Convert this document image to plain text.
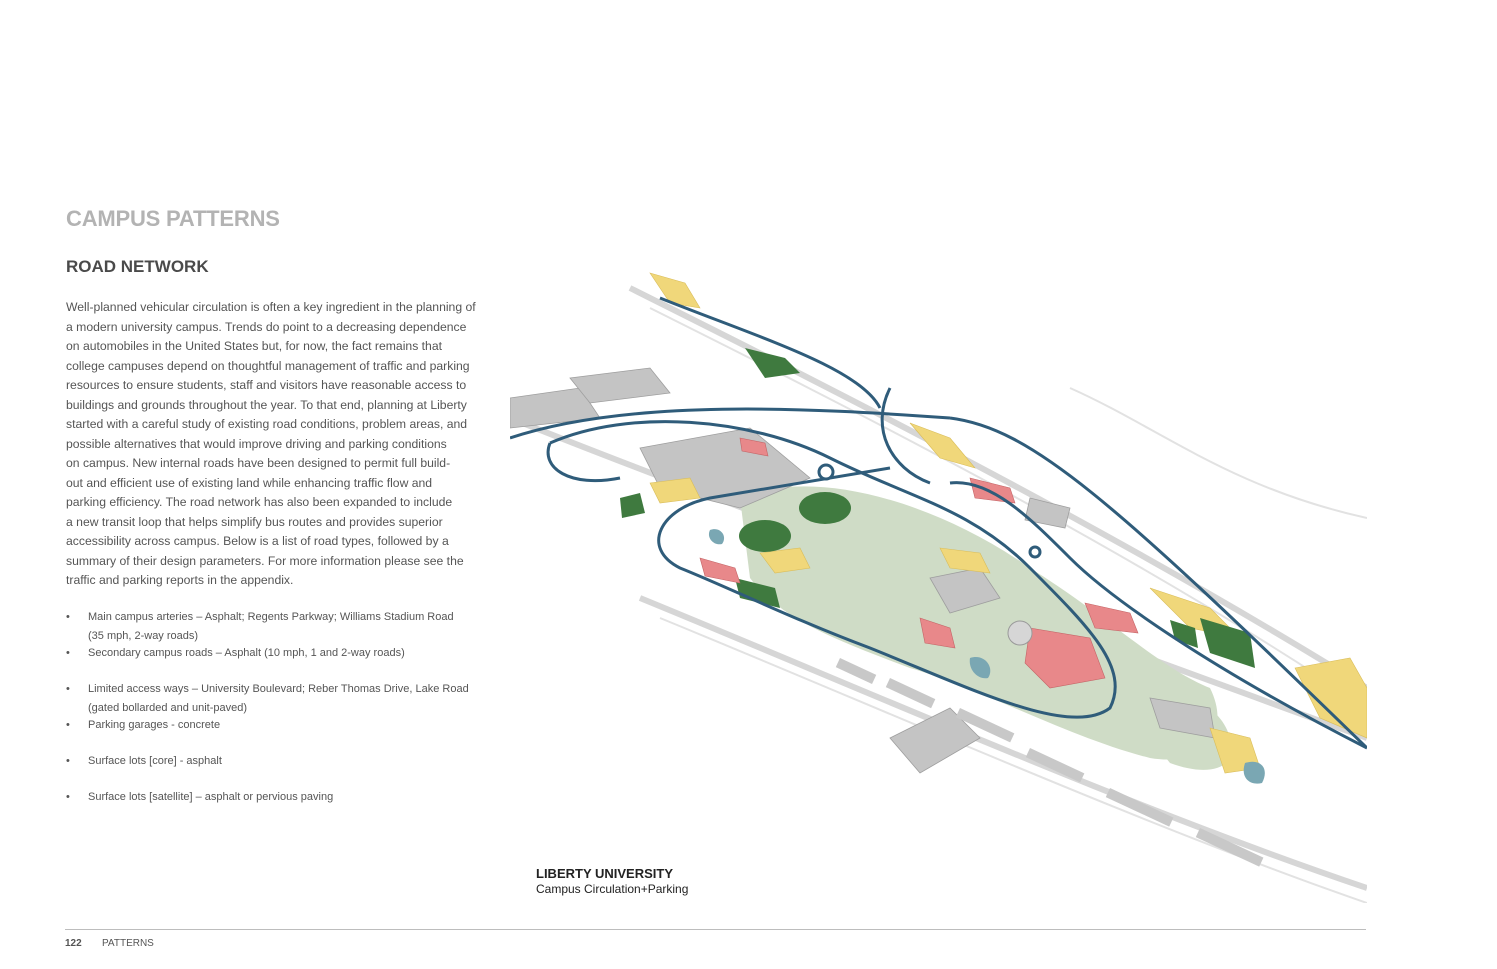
CAMPUS PATTERNS
ROAD NETWORK

Well-planned vehicular circulation is often a key ingredient in the planning of
a modern university campus. Trends do point to a decreasing dependence
on automobiles in the United States but, for now, the fact remains that
college campuses depend on thoughtful management of traffic and parking
resources to ensure students, staff and visitors have reasonable access to
buildings and grounds throughout the year. To that end, planning at Liberty
started with a careful study of existing road conditions, problem areas, and
possible alternatives that would improve driving and parking conditions
on campus. New internal roads have been designed to permit full build-
out and efficient use of existing land while enhancing traffic flow and
parking efficiency. The road network has also been expanded to include
a new transit loop that helps simplify bus routes and provides superior
accessibility across campus. Below is a list of road types, followed by a
summary of their design parameters. For more information please see the
traffic and parking reports in the appendix.

• Main campus arteries – Asphalt; Regents Parkway; Williams Stadium Road
(35 mph, 2-way roads)
• Secondary campus roads – Asphalt (10 mph, 1 and 2-way roads)
• Limited access ways – University Boulevard; Reber Thomas Drive, Lake Road
(gated bollarded and unit-paved)
• Parking garages - concrete
• Surface lots [core] - asphalt
• Surface lots [satellite] – asphalt or pervious paving
LIBERTY UNIVERSITY
Campus Circulation+Parking
122 PATTERNS
